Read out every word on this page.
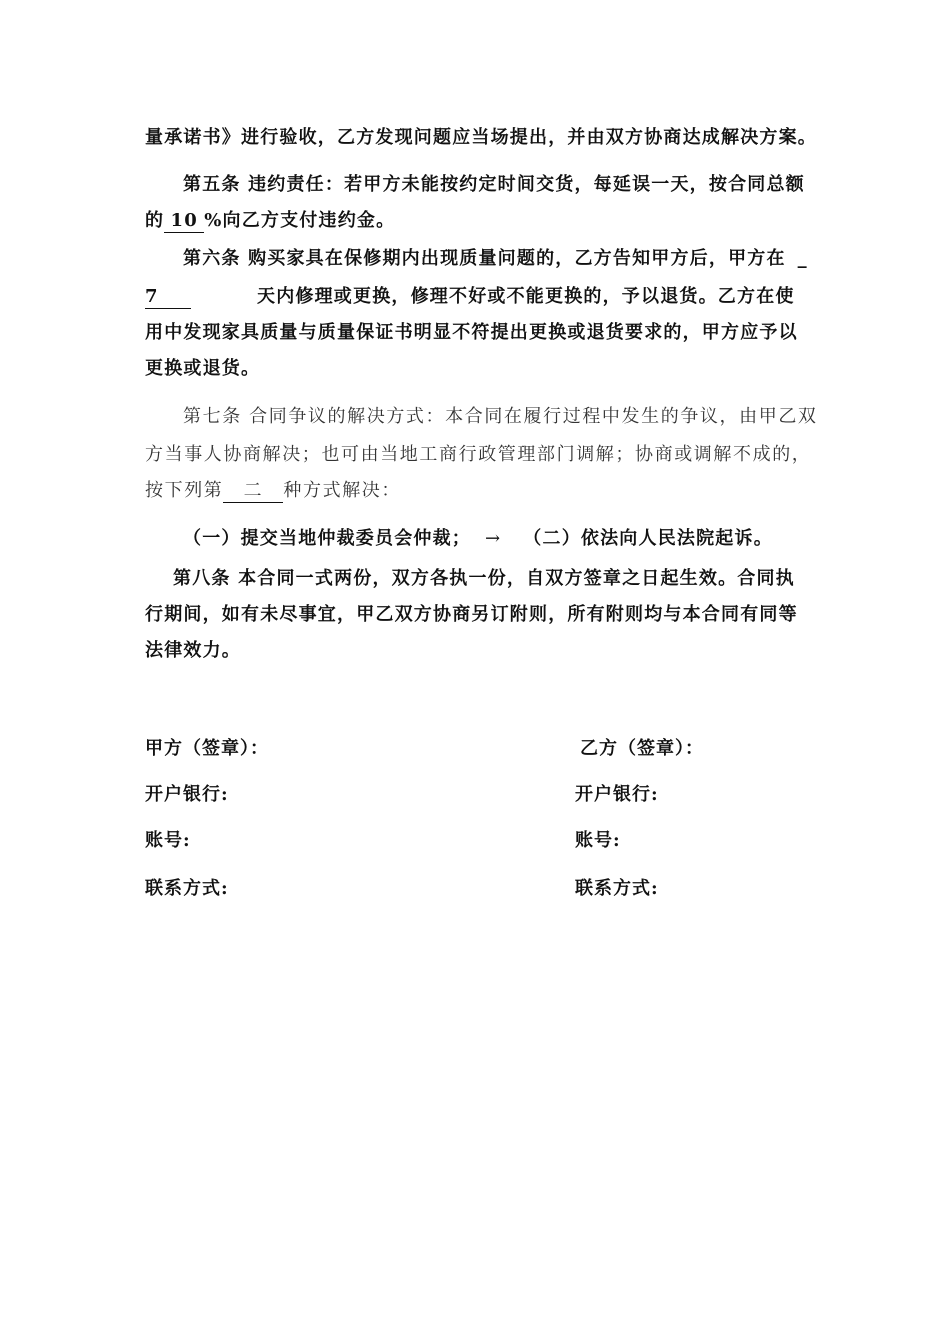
量承诺书》进行验收，乙方发现问题应当场提出，并由双方协商达成解决方案。
第五条 违约责任：若甲方未能按约定时间交货，每延误一天，按合同总额
的 10 %向乙方支付违约金。
第六条 购买家具在保修期内出现质量问题的，乙方告知甲方后，甲方在 _
7	天内修理或更换，修理不好或不能更换的，予以退货。乙方在使
用中发现家具质量与质量保证书明显不符提出更换或退货要求的，甲方应予以
更换或退货。
第七条 合同争议的解决方式：本合同在履行过程中发生的争议，由甲乙双
方当事人协商解决；也可由当地工商行政管理部门调解；协商或调解不成的，
按下列第 二 种方式解决：
（一）提交当地仲裁委员会仲裁； → （二）依法向人民法院起诉。
第八条 本合同一式两份，双方各执一份，自双方签章之日起生效。合同执
行期间，如有未尽事宜，甲乙双方协商另订附则，所有附则均与本合同有同等
法律效力。
甲方（签章）：
开户银行:
账号:
联系方式:
乙方（签章）：
开户银行:
账号:
联系方式:
